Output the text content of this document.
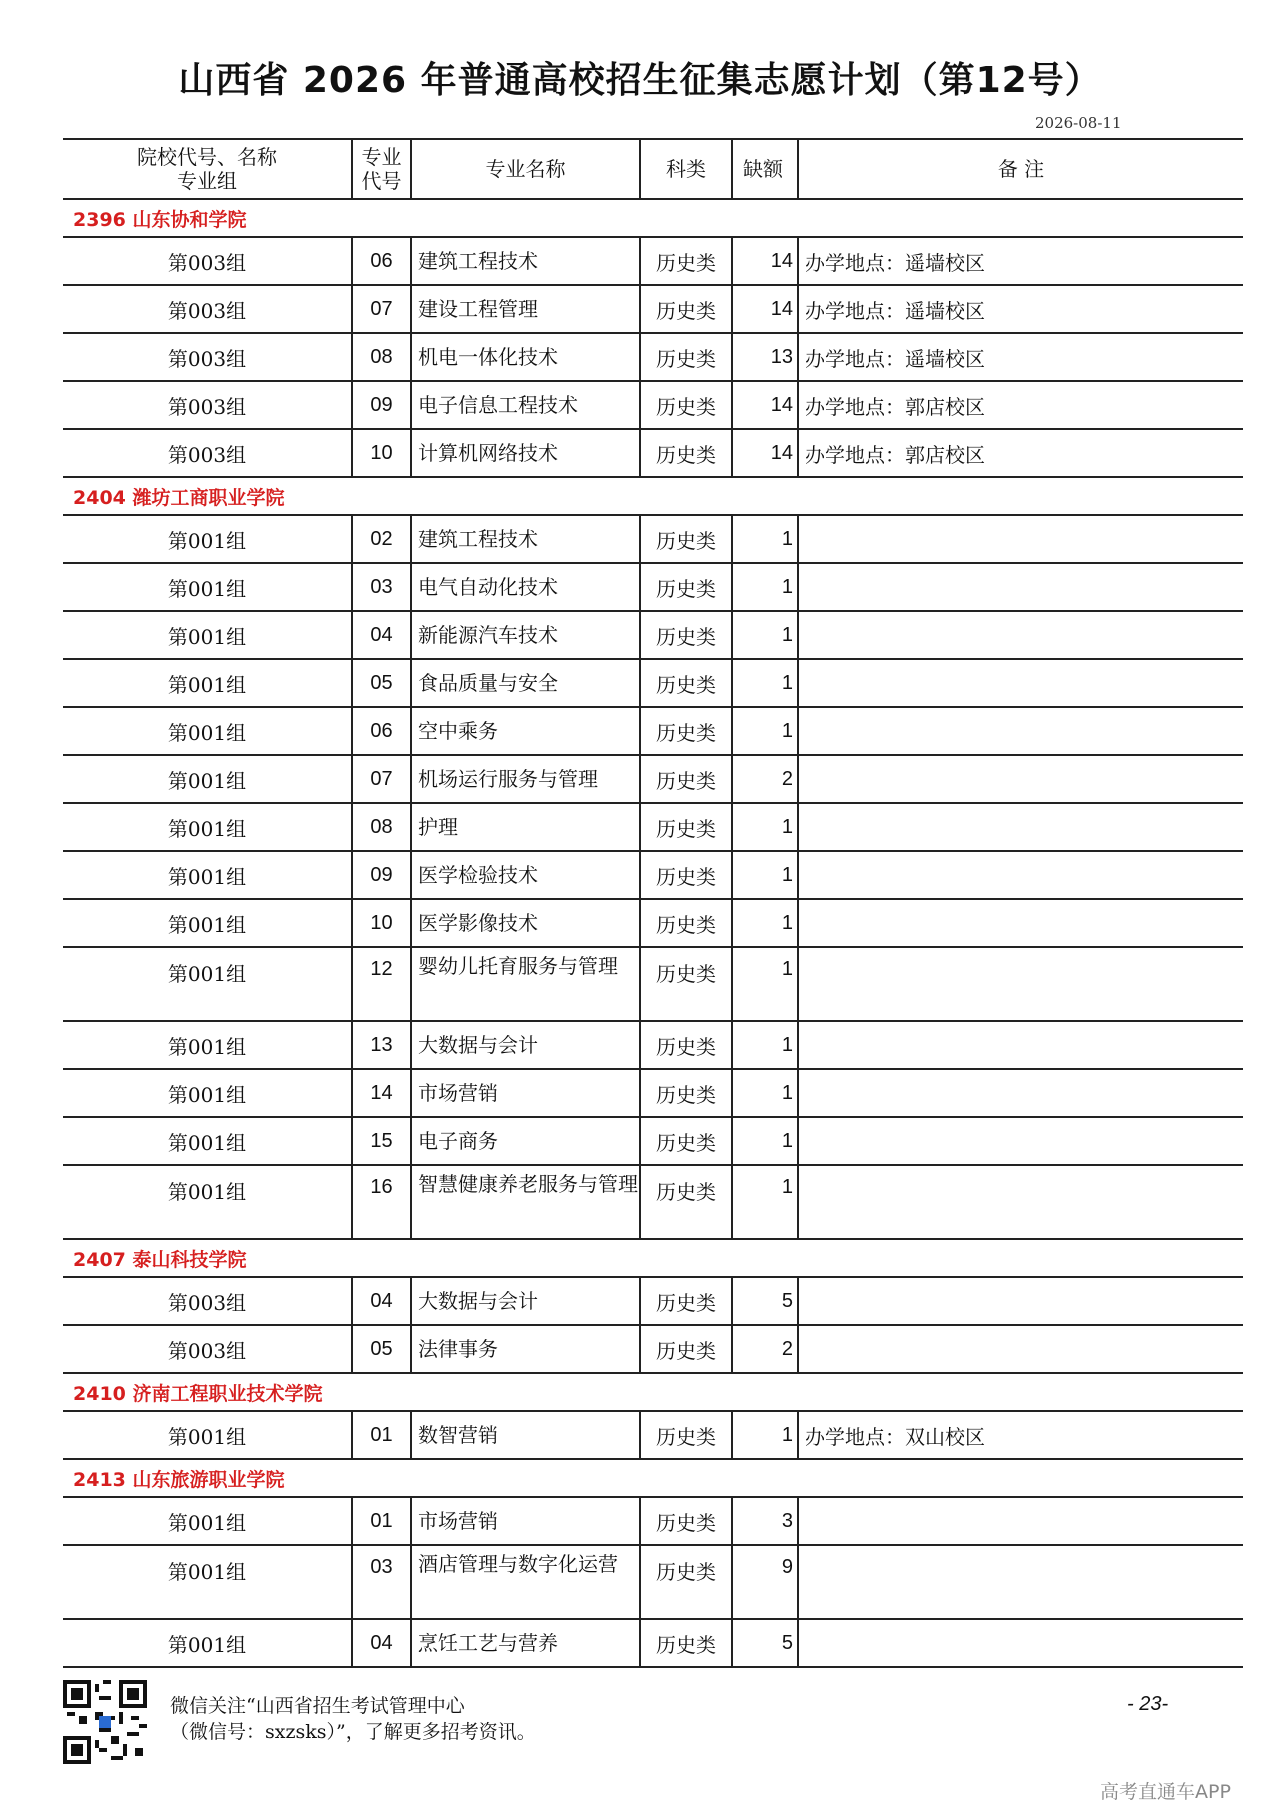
山西省 2026 年普通高校招生征集志愿计划（第12号）
2026-08-11
院校代号、名称
专业组	专业
代号	专业名称	科类	缺额	备 注
2396 山东协和学院					
第003组	06	建筑工程技术	历史类	14	办学地点：遥墙校区
第003组	07	建设工程管理	历史类	14	办学地点：遥墙校区
第003组	08	机电一体化技术	历史类	13	办学地点：遥墙校区
第003组	09	电子信息工程技术	历史类	14	办学地点：郭店校区
第003组	10	计算机网络技术	历史类	14	办学地点：郭店校区
2404 潍坊工商职业学院					
第001组	02	建筑工程技术	历史类	1	
第001组	03	电气自动化技术	历史类	1	
第001组	04	新能源汽车技术	历史类	1	
第001组	05	食品质量与安全	历史类	1	
第001组	06	空中乘务	历史类	1	
第001组	07	机场运行服务与管理	历史类	2	
第001组	08	护理	历史类	1	
第001组	09	医学检验技术	历史类	1	
第001组	10	医学影像技术	历史类	1	
第001组	12	婴幼儿托育服务与管理	历史类	1	
第001组	13	大数据与会计	历史类	1	
第001组	14	市场营销	历史类	1	
第001组	15	电子商务	历史类	1	
第001组	16	智慧健康养老服务与管理	历史类	1	
2407 泰山科技学院					
第003组	04	大数据与会计	历史类	5	
第003组	05	法律事务	历史类	2	
2410 济南工程职业技术学院					
第001组	01	数智营销	历史类	1	办学地点：双山校区
2413 山东旅游职业学院					
第001组	01	市场营销	历史类	3	
第001组	03	酒店管理与数字化运营	历史类	9	
第001组	04	烹饪工艺与营养	历史类	5	
微信关注“山西省招生考试管理中心
（微信号：sxzsks）”，了解更多招考资讯。
- 23-
高考直通车APP
